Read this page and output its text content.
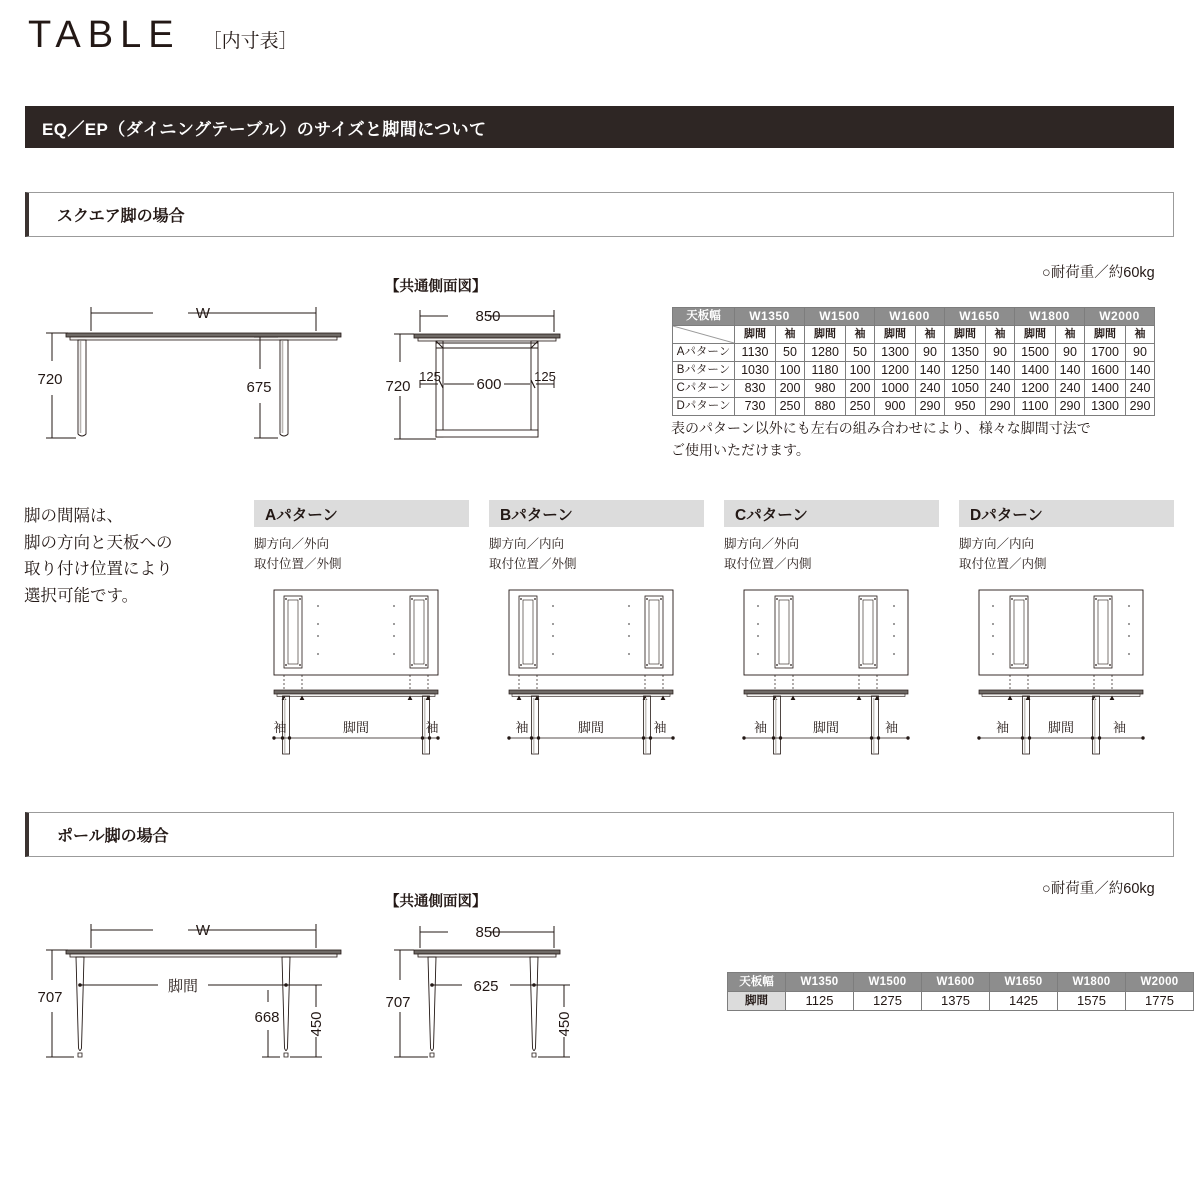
TABLE ［内寸表］
EQ／EP（ダイニングテーブル）のサイズと脚間について
スクエア脚の場合
○耐荷重／約60kg
【共通側面図】
W
720	675
850
720	600
125	125
天板幅	W1350		W1500		W1600		W1650		W1800		W2000	

	脚間	袖	脚間	袖	脚間	袖	脚間	袖	脚間	袖	脚間	袖
Aパターン	1130	50	1280	50	1300	90	1350	90	1500	90	1700	90
Bパターン	1030	100	1180	100	1200	140	1250	140	1400	140	1600	140
Cパターン	830	200	980	200	1000	240	1050	240	1200	240	1400	240
Dパターン	730	250	880	250	900	290	950	290	1100	290	1300	290
表のパターン以外にも左右の組み合わせにより、様々な脚間寸法で
ご使用いただけます。
脚の間隔は、
脚の方向と天板への
取り付け位置により
選択可能です。
Aパターン
脚方向／外向
取付位置／外側
Bパターン
脚方向／内向
取付位置／外側
Cパターン
脚方向／外向
取付位置／内側
Dパターン
脚方向／内向
取付位置／内側
袖	脚間	袖	袖	脚間	袖	袖	脚間	袖	袖	脚間	袖
ポール脚の場合
○耐荷重／約60kg
【共通側面図】
W
707
脚間
668 450
850
707
625
450
天板幅	W1350	W1500	W1600	W1650	W1800	W2000
脚間	1125	1275	1375	1425	1575	1775
